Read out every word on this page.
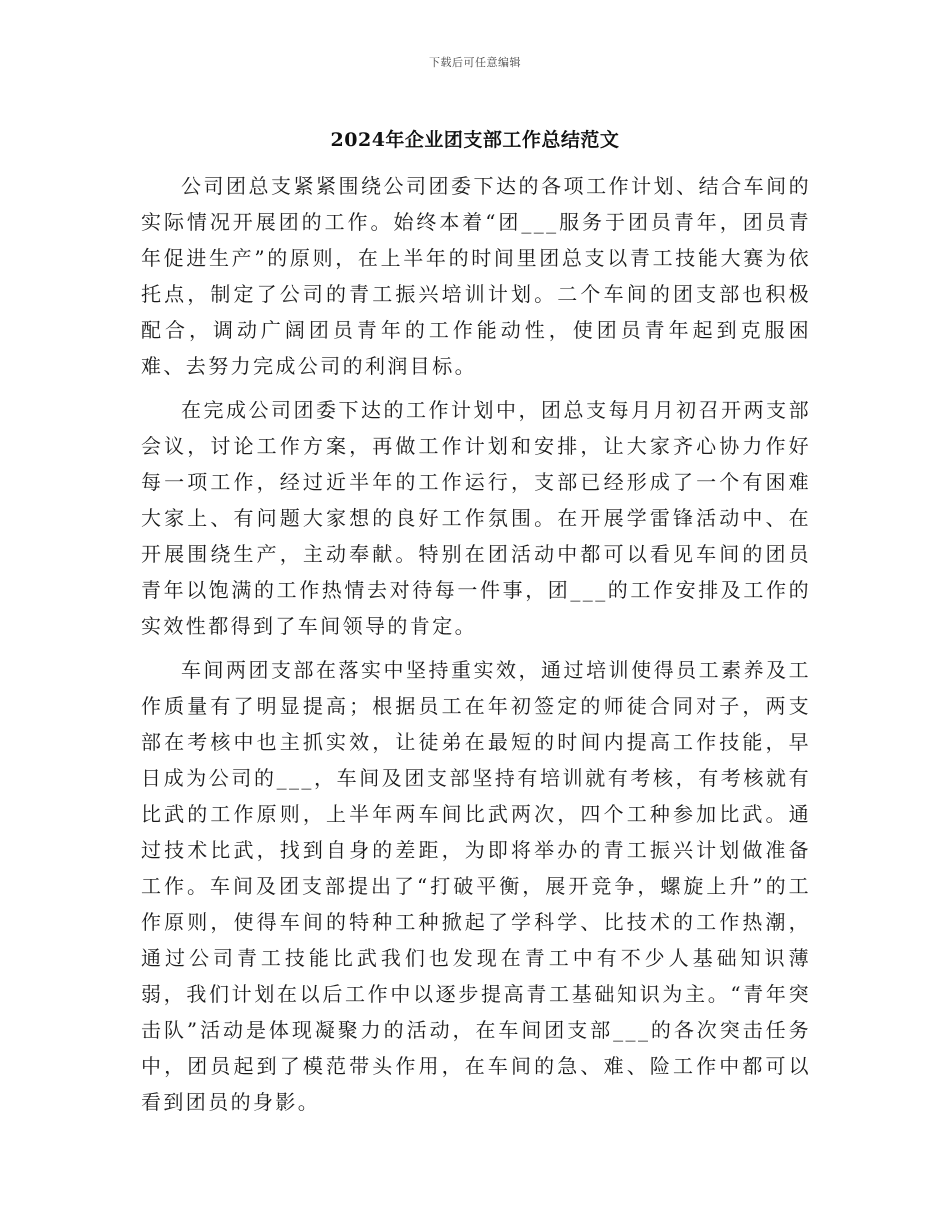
下载后可任意编辑
2024年企业团支部工作总结范文

公司团总支紧紧围绕公司团委下达的各项工作计划、结合车间的实际情况开展团的工作。始终本着“团___服务于团员青年，团员青年促进生产”的原则，在上半年的时间里团总支以青工技能大赛为依托点，制定了公司的青工振兴培训计划。二个车间的团支部也积极配合，调动广阔团员青年的工作能动性，使团员青年起到克服困难、去努力完成公司的利润目标。

在完成公司团委下达的工作计划中，团总支每月月初召开两支部会议，讨论工作方案，再做工作计划和安排，让大家齐心协力作好每一项工作，经过近半年的工作运行，支部已经形成了一个有困难大家上、有问题大家想的良好工作氛围。在开展学雷锋活动中、在开展围绕生产，主动奉献。特别在团活动中都可以看见车间的团员青年以饱满的工作热情去对待每一件事，团___的工作安排及工作的实效性都得到了车间领导的肯定。

车间两团支部在落实中坚持重实效，通过培训使得员工素养及工作质量有了明显提高；根据员工在年初签定的师徒合同对子，两支部在考核中也主抓实效，让徒弟在最短的时间内提高工作技能，早日成为公司的___，车间及团支部坚持有培训就有考核，有考核就有比武的工作原则，上半年两车间比武两次，四个工种参加比武。通过技术比武，找到自身的差距，为即将举办的青工振兴计划做准备工作。车间及团支部提出了“打破平衡，展开竞争，螺旋上升”的工作原则，使得车间的特种工种掀起了学科学、比技术的工作热潮，通过公司青工技能比武我们也发现在青工中有不少人基础知识薄弱，我们计划在以后工作中以逐步提高青工基础知识为主。“青年突击队”活动是体现凝聚力的活动，在车间团支部___的各次突击任务中，团员起到了模范带头作用，在车间的急、难、险工作中都可以看到团员的身影。
